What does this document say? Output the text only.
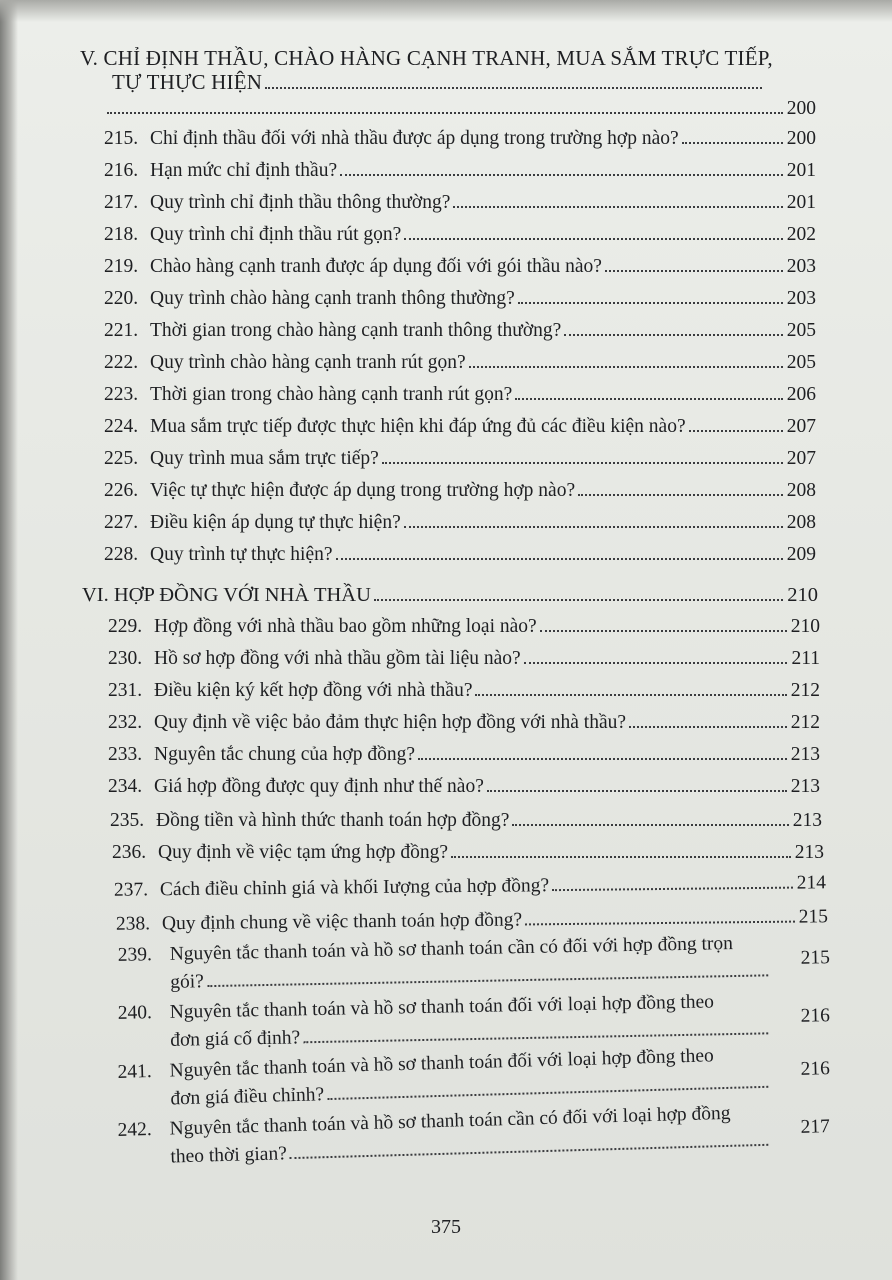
V. CHỈ ĐỊNH THẦU, CHÀO HÀNG CẠNH TRANH, MUA SẮM TRỰC TIẾP,
TỰ THỰC HIỆN
200
215. Chỉ định thầu đối với nhà thầu được áp dụng trong trường hợp nào?	200
216. Hạn mức chỉ định thầu?	201
217. Quy trình chỉ định thầu thông thường?	201
218. Quy trình chỉ định thầu rút gọn?	202
219. Chào hàng cạnh tranh được áp dụng đối với gói thầu nào?	203
220. Quy trình chào hàng cạnh tranh thông thường?	203
221. Thời gian trong chào hàng cạnh tranh thông thường?	205
222. Quy trình chào hàng cạnh tranh rút gọn?	205
223. Thời gian trong chào hàng cạnh tranh rút gọn?	206
224. Mua sắm trực tiếp được thực hiện khi đáp ứng đủ các điều kiện nào?	207
225. Quy trình mua sắm trực tiếp?	207
226. Việc tự thực hiện được áp dụng trong trường hợp nào?	208
227. Điều kiện áp dụng tự thực hiện?	208
228. Quy trình tự thực hiện?	209
VI. HỢP ĐỒNG VỚI NHÀ THẦU	210
229. Hợp đồng với nhà thầu bao gồm những loại nào?	210
230. Hồ sơ hợp đồng với nhà thầu gồm tài liệu nào?	211
231. Điều kiện ký kết hợp đồng với nhà thầu?	212
232. Quy định về việc bảo đảm thực hiện hợp đồng với nhà thầu?	212
233. Nguyên tắc chung của hợp đồng?	213
234. Giá hợp đồng được quy định như thế nào?	213
235. Đồng tiền và hình thức thanh toán hợp đồng?	213
236. Quy định về việc tạm ứng hợp đồng?	213
237. Cách điều chỉnh giá và khối Iượng của hợp đồng?	214
238. Quy định chung về việc thanh toán hợp đồng?	215
239. Nguyên tắc thanh toán và hồ sơ thanh toán cần có đối với hợp đồng trọn
gói?
215
240. Nguyên tắc thanh toán và hồ sơ thanh toán đối với loại hợp đồng theo
đơn giá cố định?
216
241. Nguyên tắc thanh toán và hồ sơ thanh toán đối với loại hợp đồng theo
đơn giá điều chỉnh?
216
242. Nguyên tắc thanh toán và hồ sơ thanh toán cần có đối với loại hợp đồng
theo thời gian?
217
375
